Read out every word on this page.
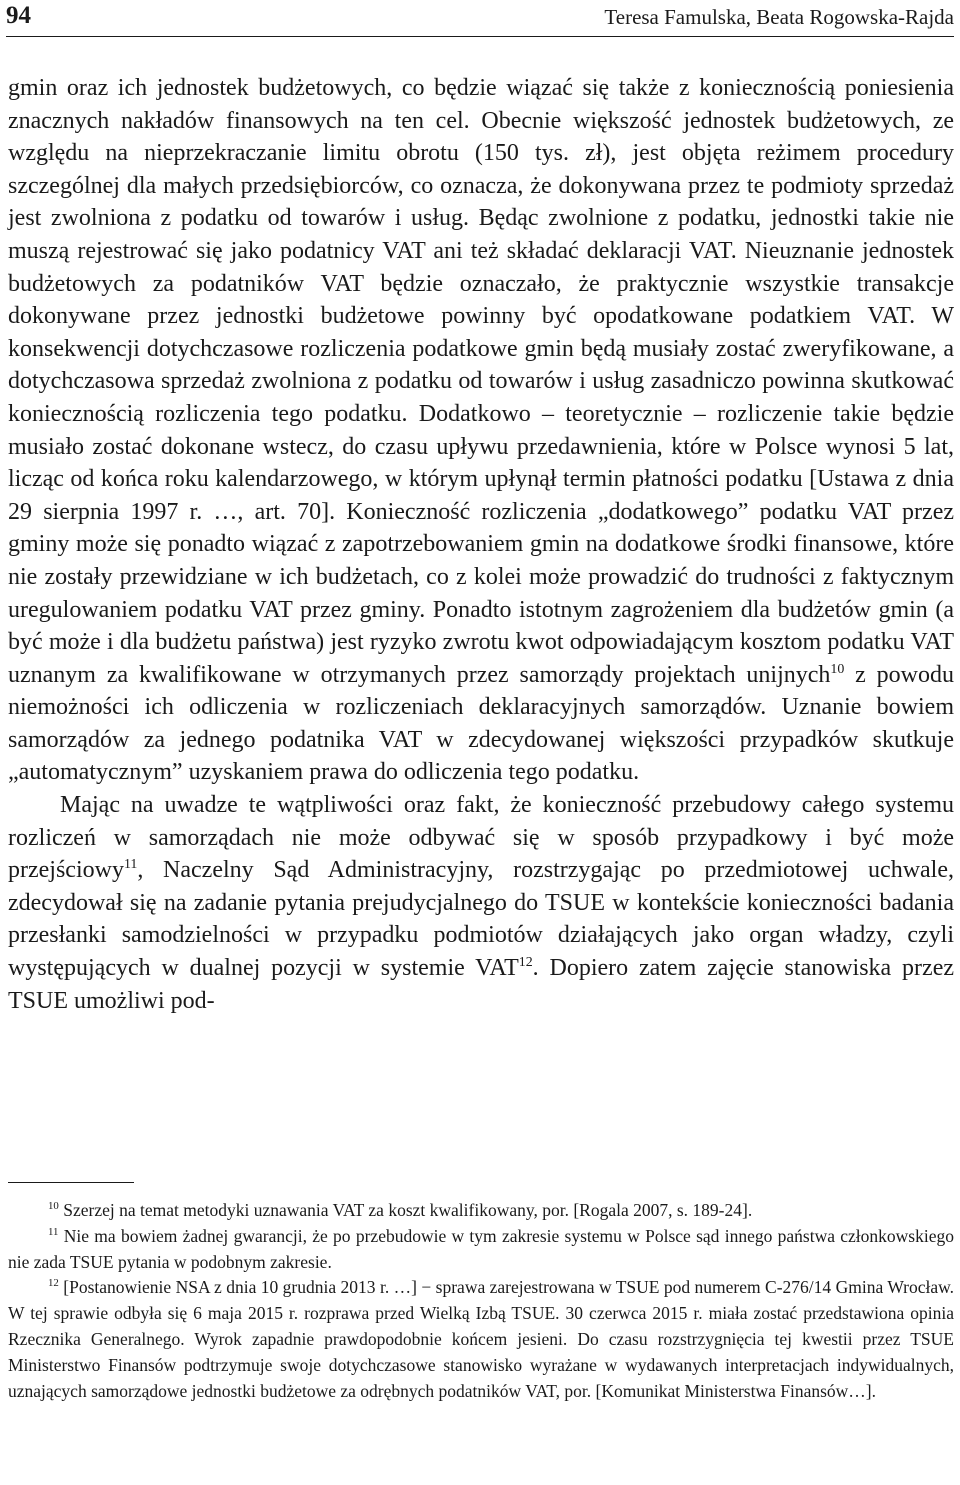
94	Teresa Famulska, Beata Rogowska-Rajda

gmin oraz ich jednostek budżetowych, co będzie wiązać się także z koniecznością poniesienia znacznych nakładów finansowych na ten cel. Obecnie większość jednostek budżetowych, ze względu na nieprzekraczanie limitu obrotu (150 tys. zł), jest objęta reżimem procedury szczególnej dla małych przedsiębiorców, co oznacza, że dokonywana przez te podmioty sprzedaż jest zwolniona z podatku od towarów i usług. Będąc zwolnione z podatku, jednostki takie nie muszą rejestrować się jako podatnicy VAT ani też składać deklaracji VAT. Nieuznanie jednostek budżetowych za podatników VAT będzie oznaczało, że praktycznie wszystkie transakcje dokonywane przez jednostki budżetowe powinny być opodatkowane podatkiem VAT. W konsekwencji dotychczasowe rozliczenia podatkowe gmin będą musiały zostać zweryfikowane, a dotychczasowa sprzedaż zwolniona z podatku od towarów i usług zasadniczo powinna skutkować koniecznością rozliczenia tego podatku. Dodatkowo – teoretycznie – rozliczenie takie będzie musiało zostać dokonane wstecz, do czasu upływu przedawnienia, które w Polsce wynosi 5 lat, licząc od końca roku kalendarzowego, w którym upłynął termin płatności podatku [Ustawa z dnia 29 sierpnia 1997 r. …, art. 70]. Konieczność rozliczenia „dodatkowego” podatku VAT przez gminy może się ponadto wiązać z zapotrzebowaniem gmin na dodatkowe środki finansowe, które nie zostały przewidziane w ich budżetach, co z kolei może prowadzić do trudności z faktycznym uregulowaniem podatku VAT przez gminy. Ponadto istotnym zagrożeniem dla budżetów gmin (a być może i dla budżetu państwa) jest ryzyko zwrotu kwot odpowiadającym kosztom podatku VAT uznanym za kwalifikowane w otrzymanych przez samorządy projektach unijnych$^{10}$ z powodu niemożności ich odliczenia w rozliczeniach deklaracyjnych samorządów. Uznanie bowiem samorządów za jednego podatnika VAT w zdecydowanej większości przypadków skutkuje „automatycznym” uzyskaniem prawa do odliczenia tego podatku.

Mając na uwadze te wątpliwości oraz fakt, że konieczność przebudowy całego systemu rozliczeń w samorządach nie może odbywać się w sposób przypadkowy i być może przejściowy$^{11}$, Naczelny Sąd Administracyjny, rozstrzygając po przedmiotowej uchwale, zdecydował się na zadanie pytania prejudycjalnego do TSUE w kontekście konieczności badania przesłanki samodzielności w przypadku podmiotów działających jako organ władzy, czyli występujących w dualnej pozycji w systemie VAT$^{12}$. Dopiero zatem zajęcie stanowiska przez TSUE umożliwi pod-

$^{10}$ Szerzej na temat metodyki uznawania VAT za koszt kwalifikowany, por. [Rogala 2007, s. 189-24].

$^{11}$ Nie ma bowiem żadnej gwarancji, że po przebudowie w tym zakresie systemu w Polsce sąd innego państwa członkowskiego nie zada TSUE pytania w podobnym zakresie.

$^{12}$ [Postanowienie NSA z dnia 10 grudnia 2013 r. …] − sprawa zarejestrowana w TSUE pod numerem C-276/14 Gmina Wrocław. W tej sprawie odbyła się 6 maja 2015 r. rozprawa przed Wielką Izbą TSUE. 30 czerwca 2015 r. miała zostać przedstawiona opinia Rzecznika Generalnego. Wyrok zapadnie prawdopodobnie końcem jesieni. Do czasu rozstrzygnięcia tej kwestii przez TSUE Ministerstwo Finansów podtrzymuje swoje dotychczasowe stanowisko wyrażane w wydawanych interpretacjach indywidualnych, uznających samorządowe jednostki budżetowe za odrębnych podatników VAT, por. [Komunikat Ministerstwa Finansów…].
